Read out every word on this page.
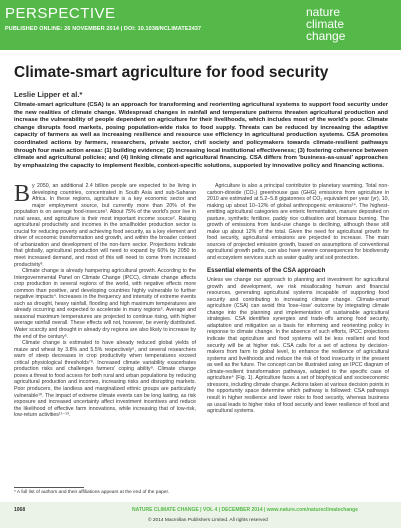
PERSPECTIVE
PUBLISHED ONLINE: 26 NOVEMBER 2014 | DOI: 10.1038/NCLIMATE2437
nature
climate change
Climate-smart agriculture for food security
Leslie Lipper et al.*

Climate-smart agriculture (CSA) is an approach for transforming and reorienting agricultural systems to support food security under the new realities of climate change. Widespread changes in rainfall and temperature patterns threaten agricultural production and increase the vulnerability of people dependent on agriculture for their livelihoods, which includes most of the world's poor. Climate change disrupts food markets, posing population-wide risks to food supply. Threats can be reduced by increasing the adaptive capacity of farmers as well as increasing resilience and resource use efficiency in agricultural production systems. CSA promotes coordinated actions by farmers, researchers, private sector, civil society and policymakers towards climate-resilient pathways through four main action areas: (1) building evidence; (2) increasing local institutional effectiveness; (3) fostering coherence between climate and agricultural policies; and (4) linking climate and agricultural financing. CSA differs from 'business-as-usual' approaches by emphasizing the capacity to implement flexible, context-specific solutions, supported by innovative policy and financing actions.

By 2050, an additional 2.4 billion people are expected to be living in developing countries, concentrated in South Asia and sub-Saharan Africa. In these regions, agriculture is a key economic sector and major employment source, but currently more than 20% of the population is on average food-insecure¹. About 75% of the world's poor live in rural areas, and agriculture is their most important income source². Raising agricultural productivity and incomes in the smallholder production sector is crucial for reducing poverty and achieving food security, as a key element and driver of economic transformation and growth, and within the broader context of urbanization and development of the non-farm sector. Projections indicate that globally, agricultural production will need to expand by 60% by 2050 to meet increased demand, and most of this will need to come from increased productivity³.

Climate change is already hampering agricultural growth. According to the Intergovernmental Panel on Climate Change (IPCC), climate change affects crop production in several regions of the world, with negative effects more common than positive, and developing countries highly vulnerable to further negative impacts⁴. Increases in the frequency and intensity of extreme events such as drought, heavy rainfall, flooding and high maximum temperatures are already occurring and expected to accelerate in many regions⁵. Average and seasonal maximum temperatures are projected to continue rising, with higher average rainfall overall. These effects will not, however, be evenly distributed. Water scarcity and drought in already dry regions are also likely to increase by the end of the century⁵.

Climate change is estimated to have already reduced global yields of maize and wheat by 3.8% and 5.5% respectively⁶, and several researchers warn of steep decreases in crop productivity when temperatures exceed critical physiological thresholds⁷⁸. Increased climate variability exacerbates production risks and challenges farmers' coping ability⁹. Climate change poses a threat to food access for both rural and urban populations by reducing agricultural production and incomes, increasing risks and disrupting markets. Poor producers, the landless and marginalized ethnic groups are particularly vulnerable¹⁰. The impact of extreme climate events can be long lasting, as risk exposure and increased uncertainty affect investment incentives and reduce the likelihood of effective farm innovations, while increasing that of low-risk, low-return activities¹¹⁻¹³.

Agriculture is also a principal contributor to planetary warming. Total non-carbon-dioxide (CO₂) greenhouse gas (GHG) emissions from agriculture in 2010 are estimated at 5.2–5.8 gigatonnes of CO₂ equivalent per year (yr), 10, making up about 10–12% of global anthropogenic emissions¹⁴. The highest-emitting agricultural categories are enteric fermentation, manure deposited on pasture, synthetic fertilizer, paddy rice cultivation and biomass burning. The growth of emissions from land-use change is declining, although these still make up about 12% of the total. Given the need for agricultural growth for food security, agricultural emissions are projected to increase. The main sources of projected emission growth, based on assumptions of conventional agricultural growth paths, can also have severe consequences for biodiversity and ecosystem services such as water quality and soil protection.

Essential elements of the CSA approach

Unless we change our approach to planning and investment for agricultural growth and development, we risk misallocating human and financial resources, generating agricultural systems incapable of supporting food security and contributing to increasing climate change. Climate-smart agriculture (CSA) can avoid this 'lose–lose' outcome by integrating climate change into the planning and implementation of sustainable agricultural strategies. CSA identifies synergies and trade-offs among food security, adaptation and mitigation as a basis for informing and reorienting policy in response to climate change. In the absence of such efforts, IPCC projections indicate that agriculture and food systems will be less resilient and food security will be at higher risk. CSA calls for a set of actions by decision-makers from farm to global level, to enhance the resilience of agricultural systems and livelihoods and reduce the risk of food insecurity in the present as well as the future. The concept can be illustrated using an IPCC diagram of climate-resilient transformation pathways, adapted to the specific case of agriculture⁴ (Fig. 1). Agriculture faces a set of biophysical and socioeconomic stressors, including climate change. Actions taken at various decision points in the opportunity space determine which pathway is followed: CSA pathways result in higher resilience and lower risks to food security, whereas business as usual leads to higher risks of food security and lower resilience of food and agricultural systems.

* A full list of authors and their affiliations appears at the end of the paper.
1068	NATURE CLIMATE CHANGE | VOL 4 | DECEMBER 2014 | www.nature.com/natureclimatechange
© 2014 Macmillan Publishers Limited. All rights reserved
